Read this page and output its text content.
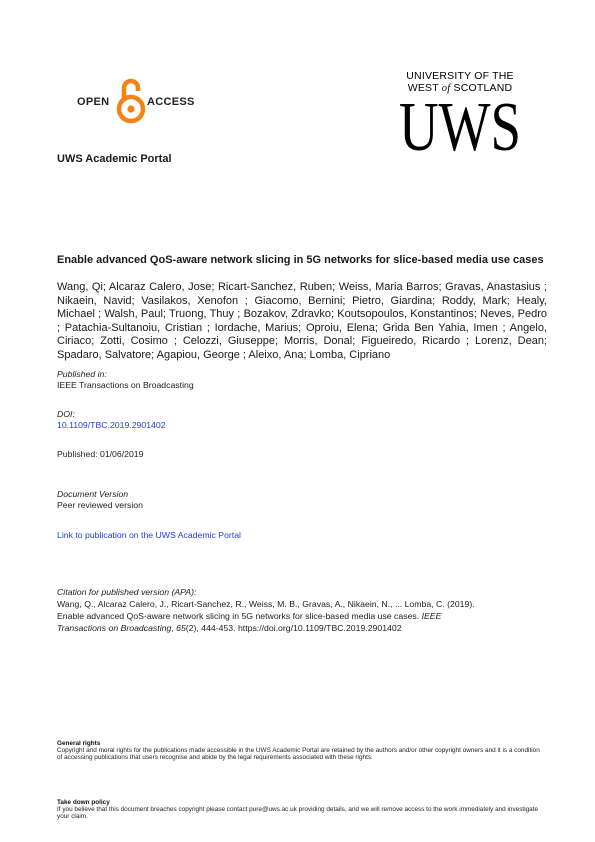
OPEN	ACCESS
UNIVERSITY OF THE
WEST of SCOTLAND
UWS
UWS Academic Portal
Enable advanced QoS-aware network slicing in 5G networks for slice-based media use cases
Wang, Qi; Alcaraz Calero, Jose; Ricart-Sanchez, Ruben; Weiss, Maria Barros; Gravas, Anastasius ; Nikaein, Navid; Vasilakos, Xenofon ; Giacomo, Bernini; Pietro, Giardina; Roddy, Mark; Healy, Michael ; Walsh, Paul; Truong, Thuy ; Bozakov, Zdravko; Koutsopoulos, Konstantinos; Neves, Pedro ; Patachia-Sultanoiu, Cristian ; Iordache, Marius; Oproiu, Elena; Grida Ben Yahia, Imen ; Angelo, Ciriaco; Zotti, Cosimo ; Celozzi, Giuseppe; Morris, Donal; Figueiredo, Ricardo ; Lorenz, Dean; Spadaro, Salvatore; Agapiou, George ; Aleixo, Ana; Lomba, Cipriano
Published in:
IEEE Transactions on Broadcasting
DOI:
10.1109/TBC.2019.2901402
Published: 01/06/2019
Document Version
Peer reviewed version
Link to publication on the UWS Academic Portal
Citation for published version (APA):
Wang, Q., Alcaraz Calero, J., Ricart-Sanchez, R., Weiss, M. B., Gravas, A., Nikaein, N., ... Lomba, C. (2019).
Enable advanced QoS-aware network slicing in 5G networks for slice-based media use cases. IEEE
Transactions on Broadcasting, 65(2), 444-453. https://doi.org/10.1109/TBC.2019.2901402
General rights
Copyright and moral rights for the publications made accessible in the UWS Academic Portal are retained by the authors and/or other copyright owners and it is a condition of accessing publications that users recognise and abide by the legal requirements associated with these rights.
Take down policy
If you believe that this document breaches copyright please contact pure@uws.ac.uk providing details, and we will remove access to the work immediately and investigate your claim.
